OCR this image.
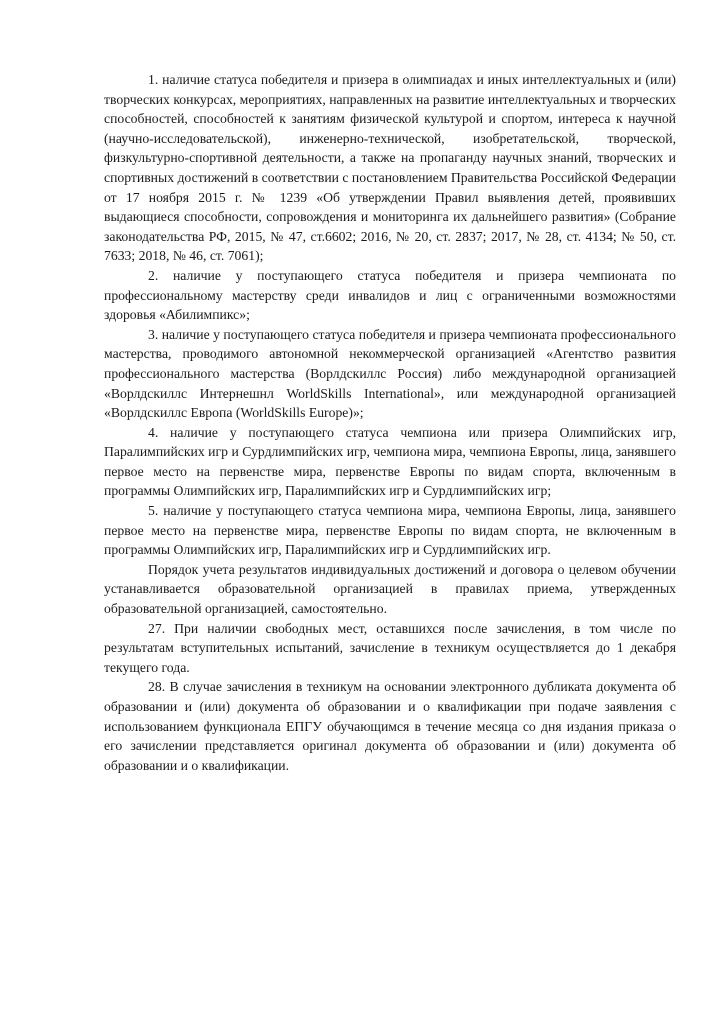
1. наличие статуса победителя и призера в олимпиадах и иных интеллектуальных и (или) творческих конкурсах, мероприятиях, направленных на развитие интеллектуальных и творческих способностей, способностей к занятиям физической культурой и спортом, интереса к научной (научно-исследовательской), инженерно-технической, изобретательской, творческой, физкультурно-спортивной деятельности, а также на пропаганду научных знаний, творческих и спортивных достижений в соответствии с постановлением Правительства Российской Федерации от 17 ноября 2015 г. № 1239 «Об утверждении Правил выявления детей, проявивших выдающиеся способности, сопровождения и мониторинга их дальнейшего развития» (Собрание законодательства РФ, 2015, № 47, ст.6602; 2016, № 20, ст. 2837; 2017, № 28, ст. 4134; № 50, ст. 7633; 2018, № 46, ст. 7061);

2. наличие у поступающего статуса победителя и призера чемпионата по профессиональному мастерству среди инвалидов и лиц с ограниченными возможностями здоровья «Абилимпикс»;

3. наличие у поступающего статуса победителя и призера чемпионата профессионального мастерства, проводимого автономной некоммерческой организацией «Агентство развития профессионального мастерства (Ворлдскиллс Россия) либо международной организацией «Ворлдскиллс Интернешнл WorldSkills International», или международной организацией «Ворлдскиллс Европа (WorldSkills Europe)»;

4. наличие у поступающего статуса чемпиона или призера Олимпийских игр, Паралимпийских игр и Сурдлимпийских игр, чемпиона мира, чемпиона Европы, лица, занявшего первое место на первенстве мира, первенстве Европы по видам спорта, включенным в программы Олимпийских игр, Паралимпийских игр и Сурдлимпийских игр;

5. наличие у поступающего статуса чемпиона мира, чемпиона Европы, лица, занявшего первое место на первенстве мира, первенстве Европы по видам спорта, не включенным в программы Олимпийских игр, Паралимпийских игр и Сурдлимпийских игр.

Порядок учета результатов индивидуальных достижений и договора о целевом обучении устанавливается образовательной организацией в правилах приема, утвержденных образовательной организацией, самостоятельно.

27. При наличии свободных мест, оставшихся после зачисления, в том числе по результатам вступительных испытаний, зачисление в техникум осуществляется до 1 декабря текущего года.

28. В случае зачисления в техникум на основании электронного дубликата документа об образовании и (или) документа об образовании и о квалификации при подаче заявления с использованием функционала ЕПГУ обучающимся в течение месяца со дня издания приказа о его зачислении представляется оригинал документа об образовании и (или) документа об образовании и о квалификации.
